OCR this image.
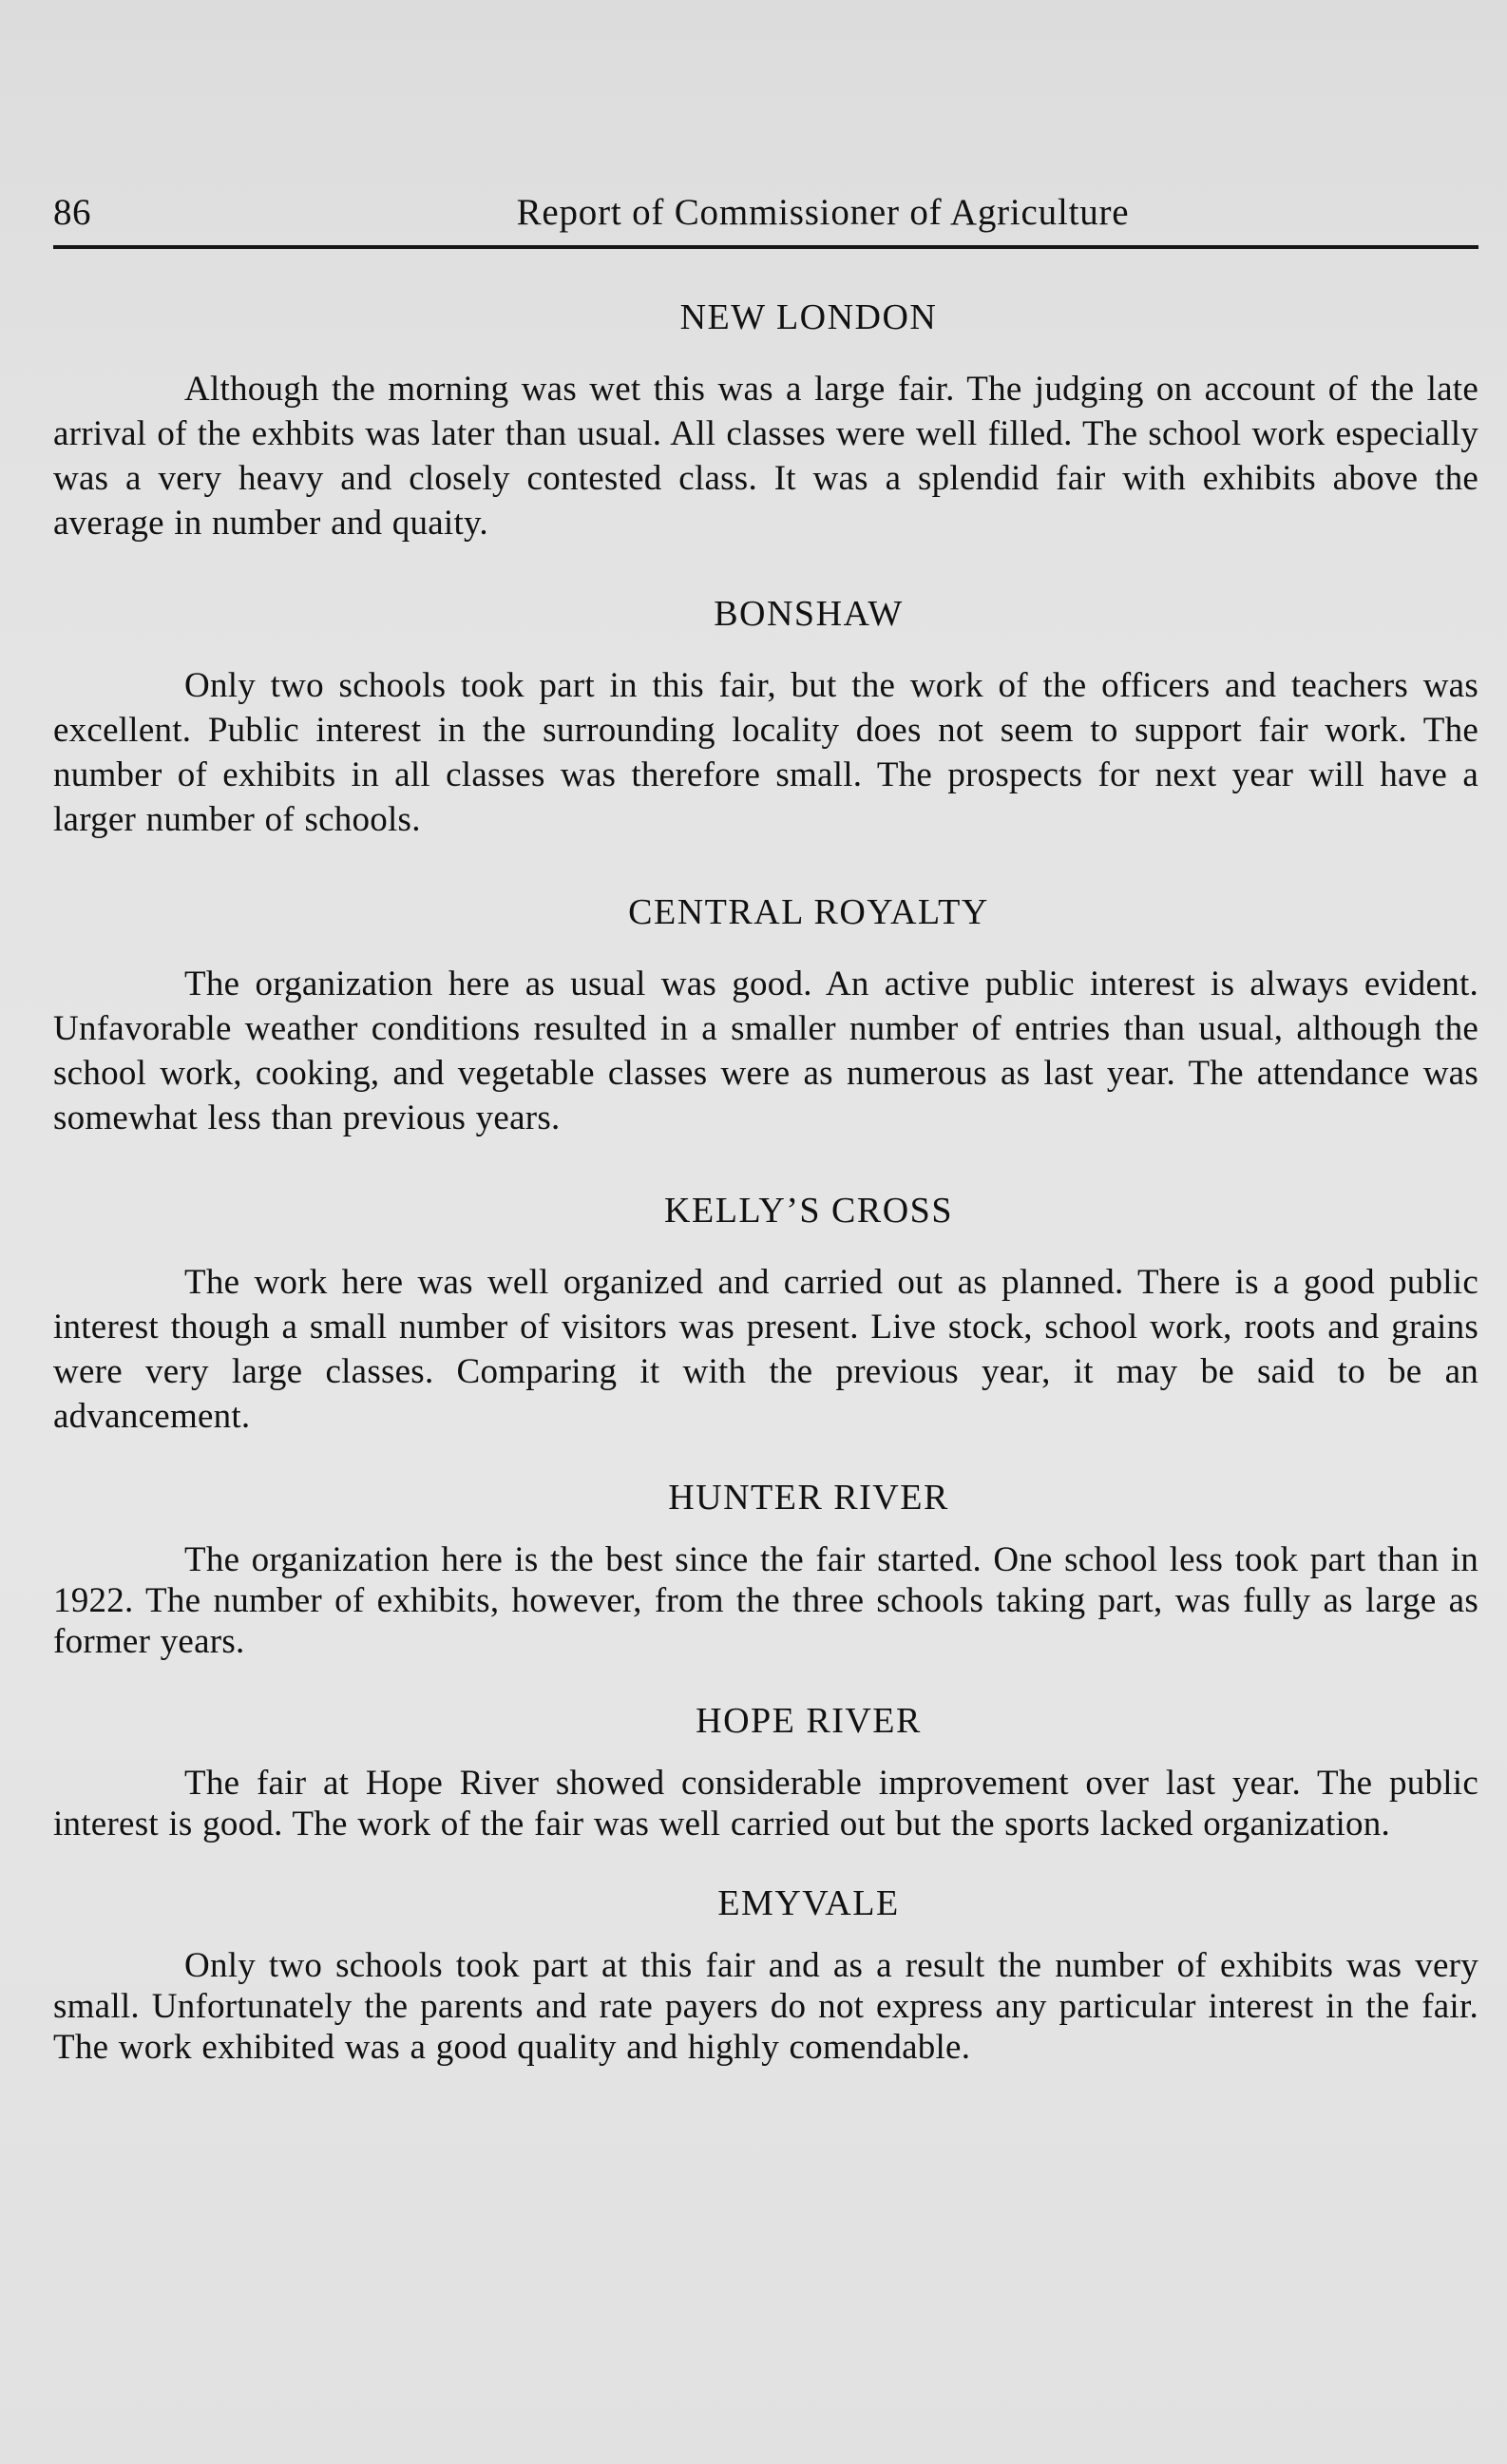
86	Report of Commissioner of Agriculture
NEW LONDON

Although the morning was wet this was a large fair. The judging on account of the late arrival of the exhbits was later than usual. All classes were well filled. The school work especially was a very heavy and closely contested class. It was a splendid fair with exhibits above the average in number and quaity.

BONSHAW

Only two schools took part in this fair, but the work of the officers and teachers was excellent. Public interest in the surrounding locality does not seem to support fair work. The number of exhibits in all classes was therefore small. The prospects for next year will have a larger number of schools.

CENTRAL ROYALTY

The organization here as usual was good. An active public interest is always evident. Unfavorable weather conditions resulted in a smaller number of entries than usual, although the school work, cooking, and vegetable classes were as numerous as last year. The attendance was somewhat less than previous years.

KELLY’S CROSS

The work here was well organized and carried out as planned. There is a good public interest though a small number of visitors was present. Live stock, school work, roots and grains were very large classes. Comparing it with the previous year, it may be said to be an advancement.

HUNTER RIVER

The organization here is the best since the fair started. One school less took part than in 1922. The number of exhibits, however, from the three schools taking part, was fully as large as former years.

HOPE RIVER

The fair at Hope River showed considerable improvement over last year. The public interest is good. The work of the fair was well carried out but the sports lacked organization.

EMYVALE

Only two schools took part at this fair and as a result the number of exhibits was very small. Unfortunately the parents and rate payers do not express any particular interest in the fair. The work exhibited was a good quality and highly comendable.
